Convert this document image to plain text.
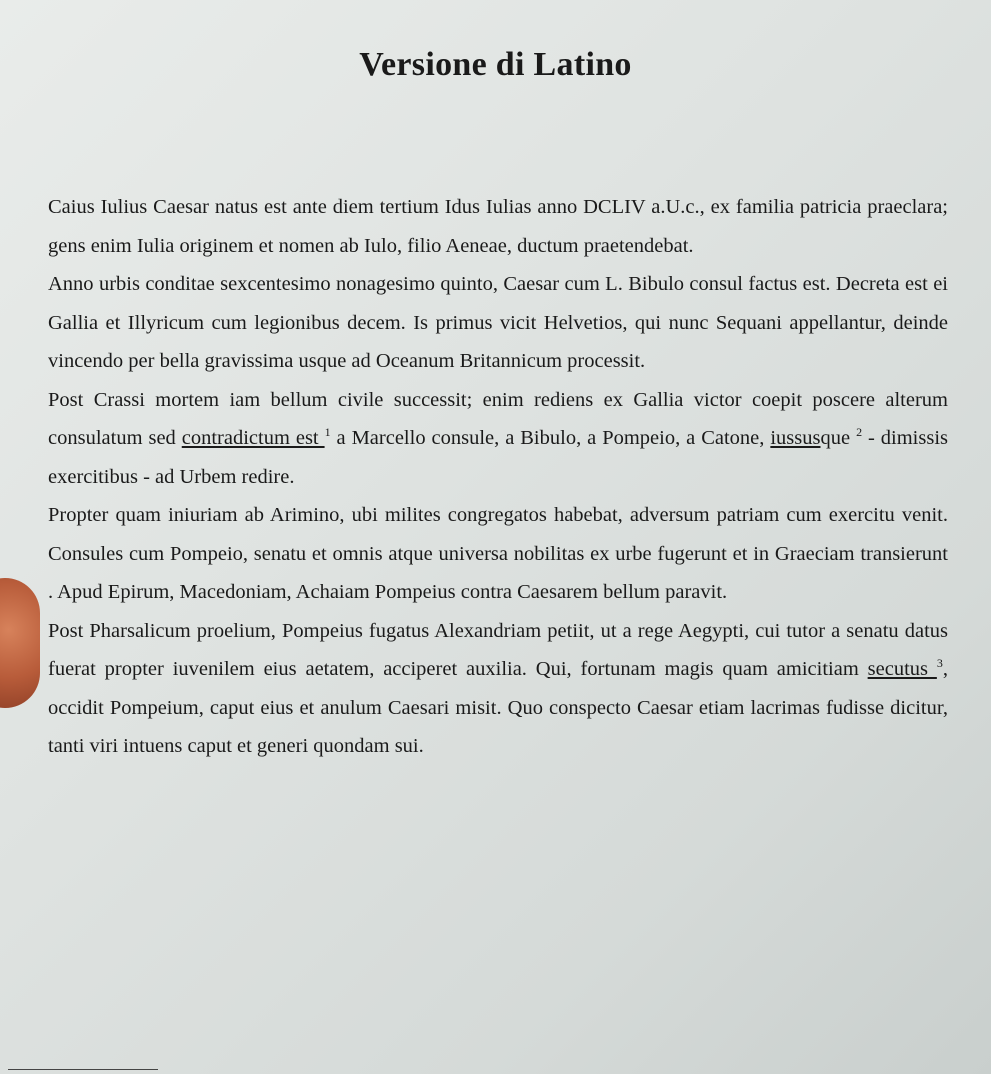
Versione di Latino

Caius Iulius Caesar natus est ante diem tertium Idus Iulias anno DCLIV a.U.c., ex familia patricia praeclara; gens enim Iulia originem et nomen ab Iulo, filio Aeneae, ductum praetendebat.

Anno urbis conditae sexcentesimo nonagesimo quinto, Caesar cum L. Bibulo consul factus est. Decreta est ei Gallia et Illyricum cum legionibus decem. Is primus vicit Helvetios, qui nunc Sequani appellantur, deinde vincendo per bella gravissima usque ad Oceanum Britannicum processit.

Post Crassi mortem iam bellum civile successit; enim rediens ex Gallia victor coepit poscere alterum consulatum sed contradictum est $^1$ a Marcello consule, a Bibulo, a Pompeio, a Catone, iussusque $^2$ - dimissis exercitibus - ad Urbem redire.

Propter quam iniuriam ab Arimino, ubi milites congregatos habebat, adversum patriam cum exercitu venit. Consules cum Pompeio, senatu et omnis atque universa nobilitas ex urbe fugerunt et in Graeciam transierunt . Apud Epirum, Macedoniam, Achaiam Pompeius contra Caesarem bellum paravit.

Post Pharsalicum proelium, Pompeius fugatus Alexandriam petiit, ut a rege Aegypti, cui tutor a senatu datus fuerat propter iuvenilem eius aetatem, acciperet auxilia. Qui, fortunam magis quam amicitiam secutus $^3$, occidit Pompeium, caput eius et anulum Caesari misit. Quo conspecto Caesar etiam lacrimas fudisse dicitur, tanti viri intuens caput et generi quondam sui.
